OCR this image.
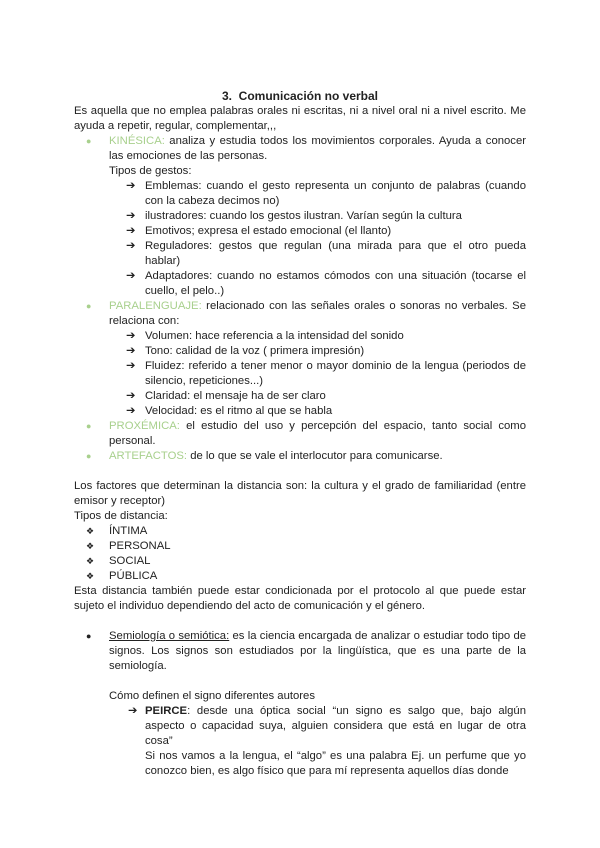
3. Comunicación no verbal

Es aquella que no emplea palabras orales ni escritas, ni a nivel oral ni a nivel escrito. Me ayuda a repetir, regular, complementar,,,

● KINÉSICA: analiza y estudia todos los movimientos corporales. Ayuda a conocer las emociones de las personas.

Tipos de gestos:

➔ Emblemas: cuando el gesto representa un conjunto de palabras (cuando con la cabeza decimos no)

➔ ilustradores: cuando los gestos ilustran. Varían según la cultura

➔ Emotivos; expresa el estado emocional (el llanto)

➔ Reguladores: gestos que regulan (una mirada para que el otro pueda hablar)

➔ Adaptadores: cuando no estamos cómodos con una situación (tocarse el cuello, el pelo..)

● PARALENGUAJE: relacionado con las señales orales o sonoras no verbales. Se relaciona con:

➔ Volumen: hace referencia a la intensidad del sonido

➔ Tono: calidad de la voz ( primera impresión)

➔ Fluidez: referido a tener menor o mayor dominio de la lengua (periodos de silencio, repeticiones...)

➔ Claridad: el mensaje ha de ser claro

➔ Velocidad: es el ritmo al que se habla

● PROXÉMICA: el estudio del uso y percepción del espacio, tanto social como personal.

● ARTEFACTOS: de lo que se vale el interlocutor para comunicarse.

Los factores que determinan la distancia son: la cultura y el grado de familiaridad (entre emisor y receptor)

Tipos de distancia:

❖ ÍNTIMA

❖ PERSONAL

❖ SOCIAL

❖ PÚBLICA

Esta distancia también puede estar condicionada por el protocolo al que puede estar sujeto el individuo dependiendo del acto de comunicación y el género.

● Semiología o semiótica: es la ciencia encargada de analizar o estudiar todo tipo de signos. Los signos son estudiados por la lingüística, que es una parte de la semiología.

Cómo definen el signo diferentes autores

➔ PEIRCE: desde una óptica social “un signo es salgo que, bajo algún aspecto o capacidad suya, alguien considera que está en lugar de otra cosa”

Si nos vamos a la lengua, el “algo” es una palabra Ej. un perfume que yo conozco bien, es algo físico que para mí representa aquellos días donde
